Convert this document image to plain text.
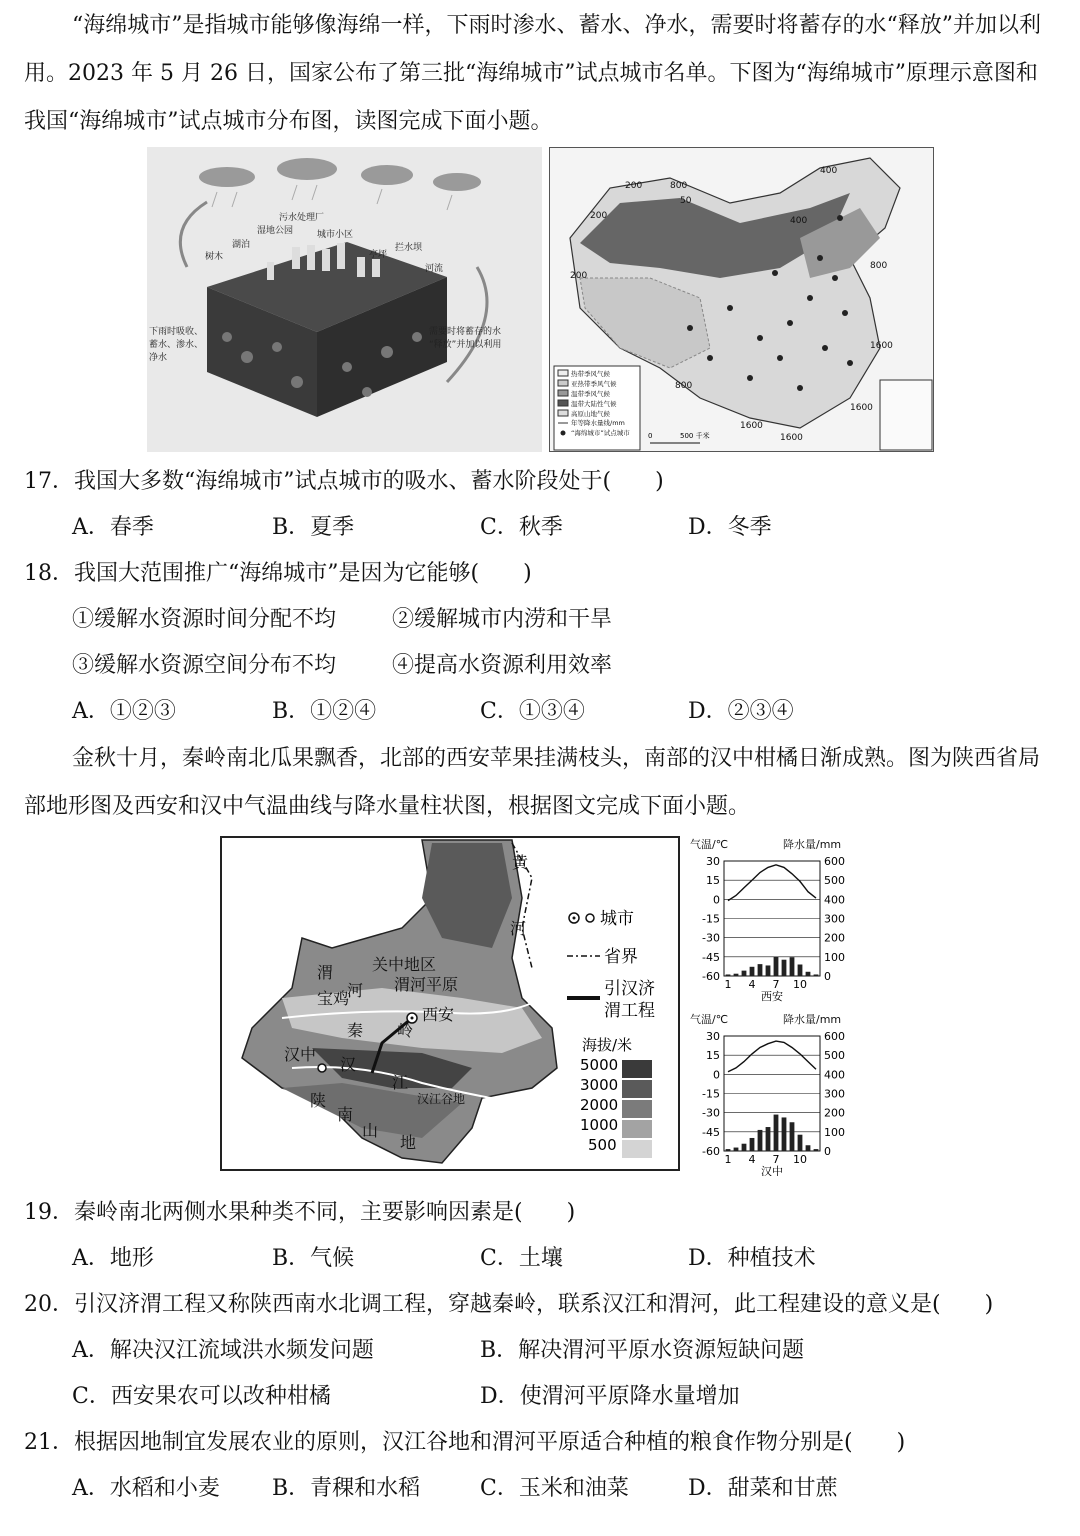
“海绵城市”是指城市能够像海绵一样，下雨时渗水、蓄水、净水，需要时将蓄存的水“释放”并加以利用。2023 年 5 月 26 日，国家公布了第三批“海绵城市”试点城市名单。下图为“海绵城市”原理示意图和我国“海绵城市”试点城市分布图，读图完成下面小题。
污水处理厂
湿地公园
湖泊
树木
城市小区
亭坪
拦水坝
河流
下雨时吸收、
蓄水、渗水、
净水
需要时将蓄存的水
“释放”并加以利用
200	800
400
50
200	400
800
200
1600
800
1600
1600
1600
热带季风气候
亚热带季风气候
温带季风气候
温带大陆性气候
高原山地气候
年等降水量线/mm
“海绵城市”试点城市	0	500 千米
17．我国大多数“海绵城市”试点城市的吸水、蓄水阶段处于(　　)
A．春季	B．夏季	C．秋季	D．冬季
18．我国大范围推广“海绵城市”是因为它能够(　　)
①缓解水资源时间分配不均	②缓解城市内涝和干旱
③缓解水资源空间分布不均	④提高水资源利用效率
A．①②③	B．①②④	C．①③④	D．②③④
金秋十月，秦岭南北瓜果飘香，北部的西安苹果挂满枝头，南部的汉中柑橘日渐成熟。图为陕西省局部地形图及西安和汉中气温曲线与降水量柱状图，根据图文完成下面小题。
黄
河
关中地区
渭河平原
渭
河
宝鸡
西安
秦 岭
汉中
汉
江
陕
南
山
地
汉江谷地
城市
省界
引汉济
渭工程
海拔/米
5000
3000
2000
1000
500
气温/℃	降水量/mm
气温/℃	降水量/mm
30
15
0
-15
-30
-45
-60
600
500
400
300
200
100
0
1 4 7 10
西安
30
15
0
-15
-30
-45
-60
600
500
400
300
200
100
0
1 4 7 10
汉中
19．秦岭南北两侧水果种类不同，主要影响因素是(　　)
A．地形	B．气候	C．土壤	D．种植技术
20．引汉济渭工程又称陕西南水北调工程，穿越秦岭，联系汉江和渭河，此工程建设的意义是(　　)
A．解决汉江流域洪水频发问题	B．解决渭河平原水资源短缺问题
C．西安果农可以改种柑橘	D．使渭河平原降水量增加
21．根据因地制宜发展农业的原则，汉江谷地和渭河平原适合种植的粮食作物分别是(　　)
A．水稻和小麦 B．青稞和水稻	C．玉米和油菜	D．甜菜和甘蔗
